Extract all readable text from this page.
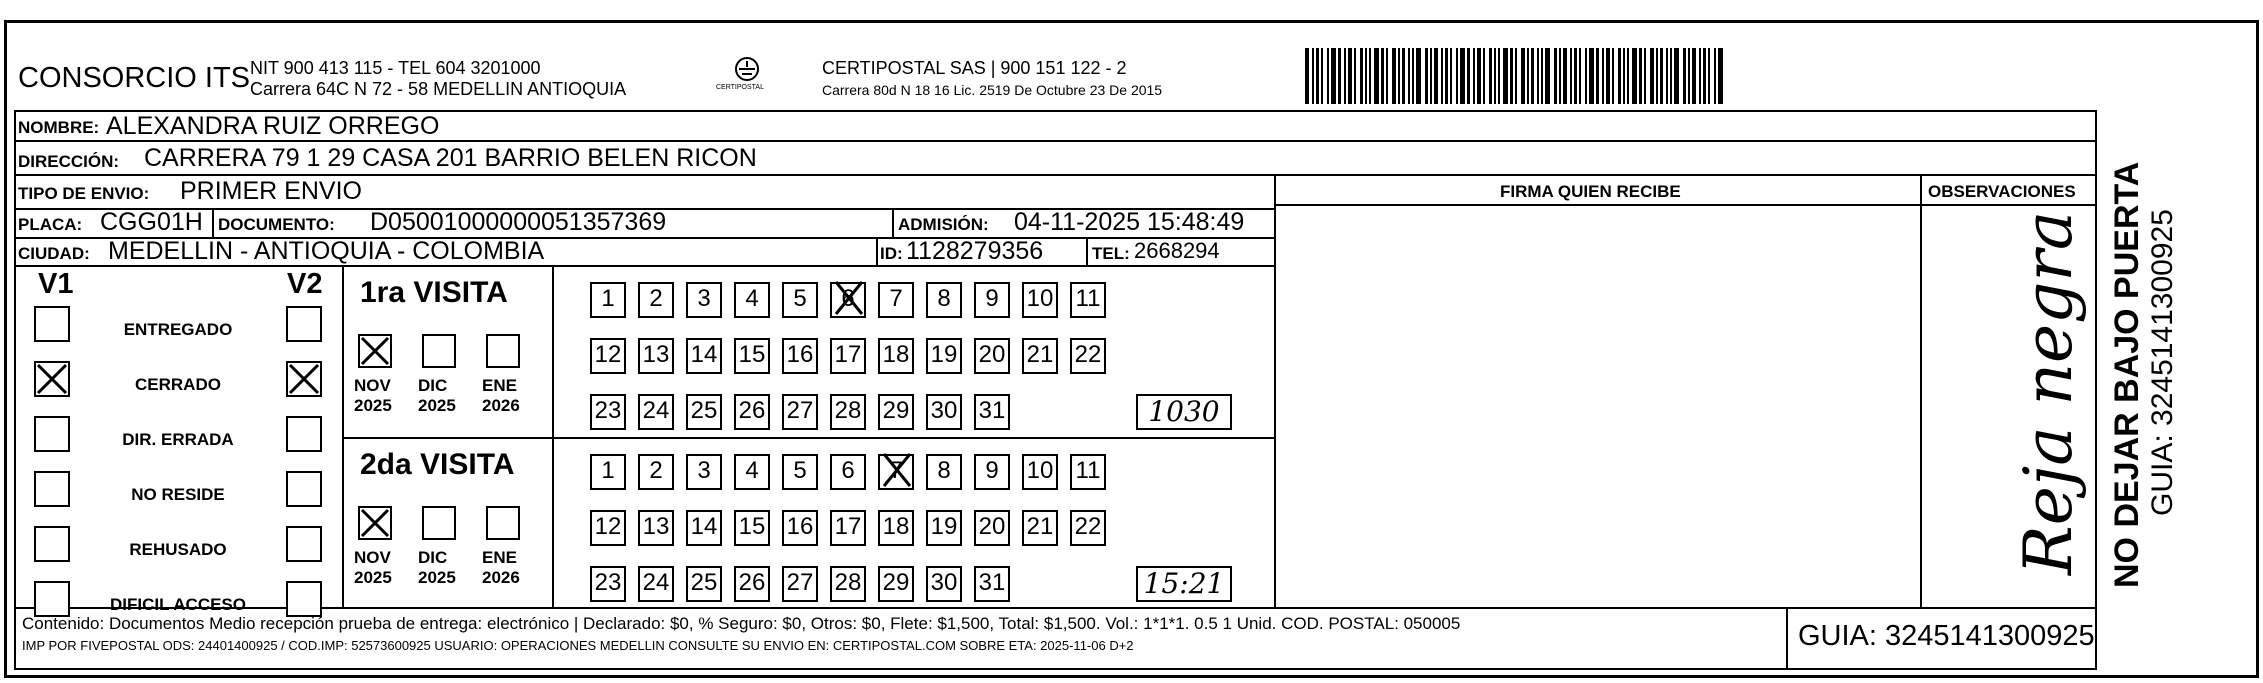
CONSORCIO ITS NIT 900 413 115 - TEL 604 3201000
Carrera 64C N 72 - 58 MEDELLIN ANTIOQUIA	CERTIPOSTAL
CERTIPOSTAL SAS | 900 151 122 - 2
Carrera 80d N 18 16 Lic. 2519 De Octubre 23 De 2015
NOMBRE: ALEXANDRA RUIZ ORREGO
DIRECCIÓN: CARRERA 79 1 29 CASA 201 BARRIO BELEN RICON
TIPO DE ENVIO: PRIMER ENVIO
PLACA: CGG01H DOCUMENTO: D05001000000051357369	ADMISIÓN: 04-11-2025 15:48:49
CIUDAD: MEDELLIN - ANTIOQUIA - COLOMBIA	ID: 1128279356	TEL: 2668294
FIRMA QUIEN RECIBE	OBSERVACIONES
Reja negra NO DEJAR BAJO PUERTA GUIA: 3245141300925
V1	V2
ENTREGADO
CERRADO
DIR. ERRADA
NO RESIDE
REHUSADO
DIFICIL ACCESO
1ra VISITA
2da VISITA
NOV
2025
DIC
2025
ENE
2026
NOV
2025
DIC
2025
ENE
2026
1	2	3	4	5	6	7	8	9	10 11
12 13 14 15 16 17 18 19 20 21 22
23 24 25 26 27 28 29 30 31	1030
1	2	3	4	5	6	7	8	9	10 11
12 13 14 15 16 17 18 19 20 21 22
23 24 25 26 27 28 29 30 31	15:21
Contenido: Documentos Medio recepción prueba de entrega: electrónico | Declarado: $0, % Seguro: $0, Otros: $0, Flete: $1,500, Total: $1,500. Vol.: 1*1*1. 0.5 1 Unid. COD. POSTAL: 050005
IMP POR FIVEPOSTAL ODS: 24401400925 / COD.IMP: 52573600925 USUARIO: OPERACIONES MEDELLIN CONSULTE SU ENVIO EN: CERTIPOSTAL.COM SOBRE ETA: 2025-11-06 D+2	GUIA: 3245141300925
